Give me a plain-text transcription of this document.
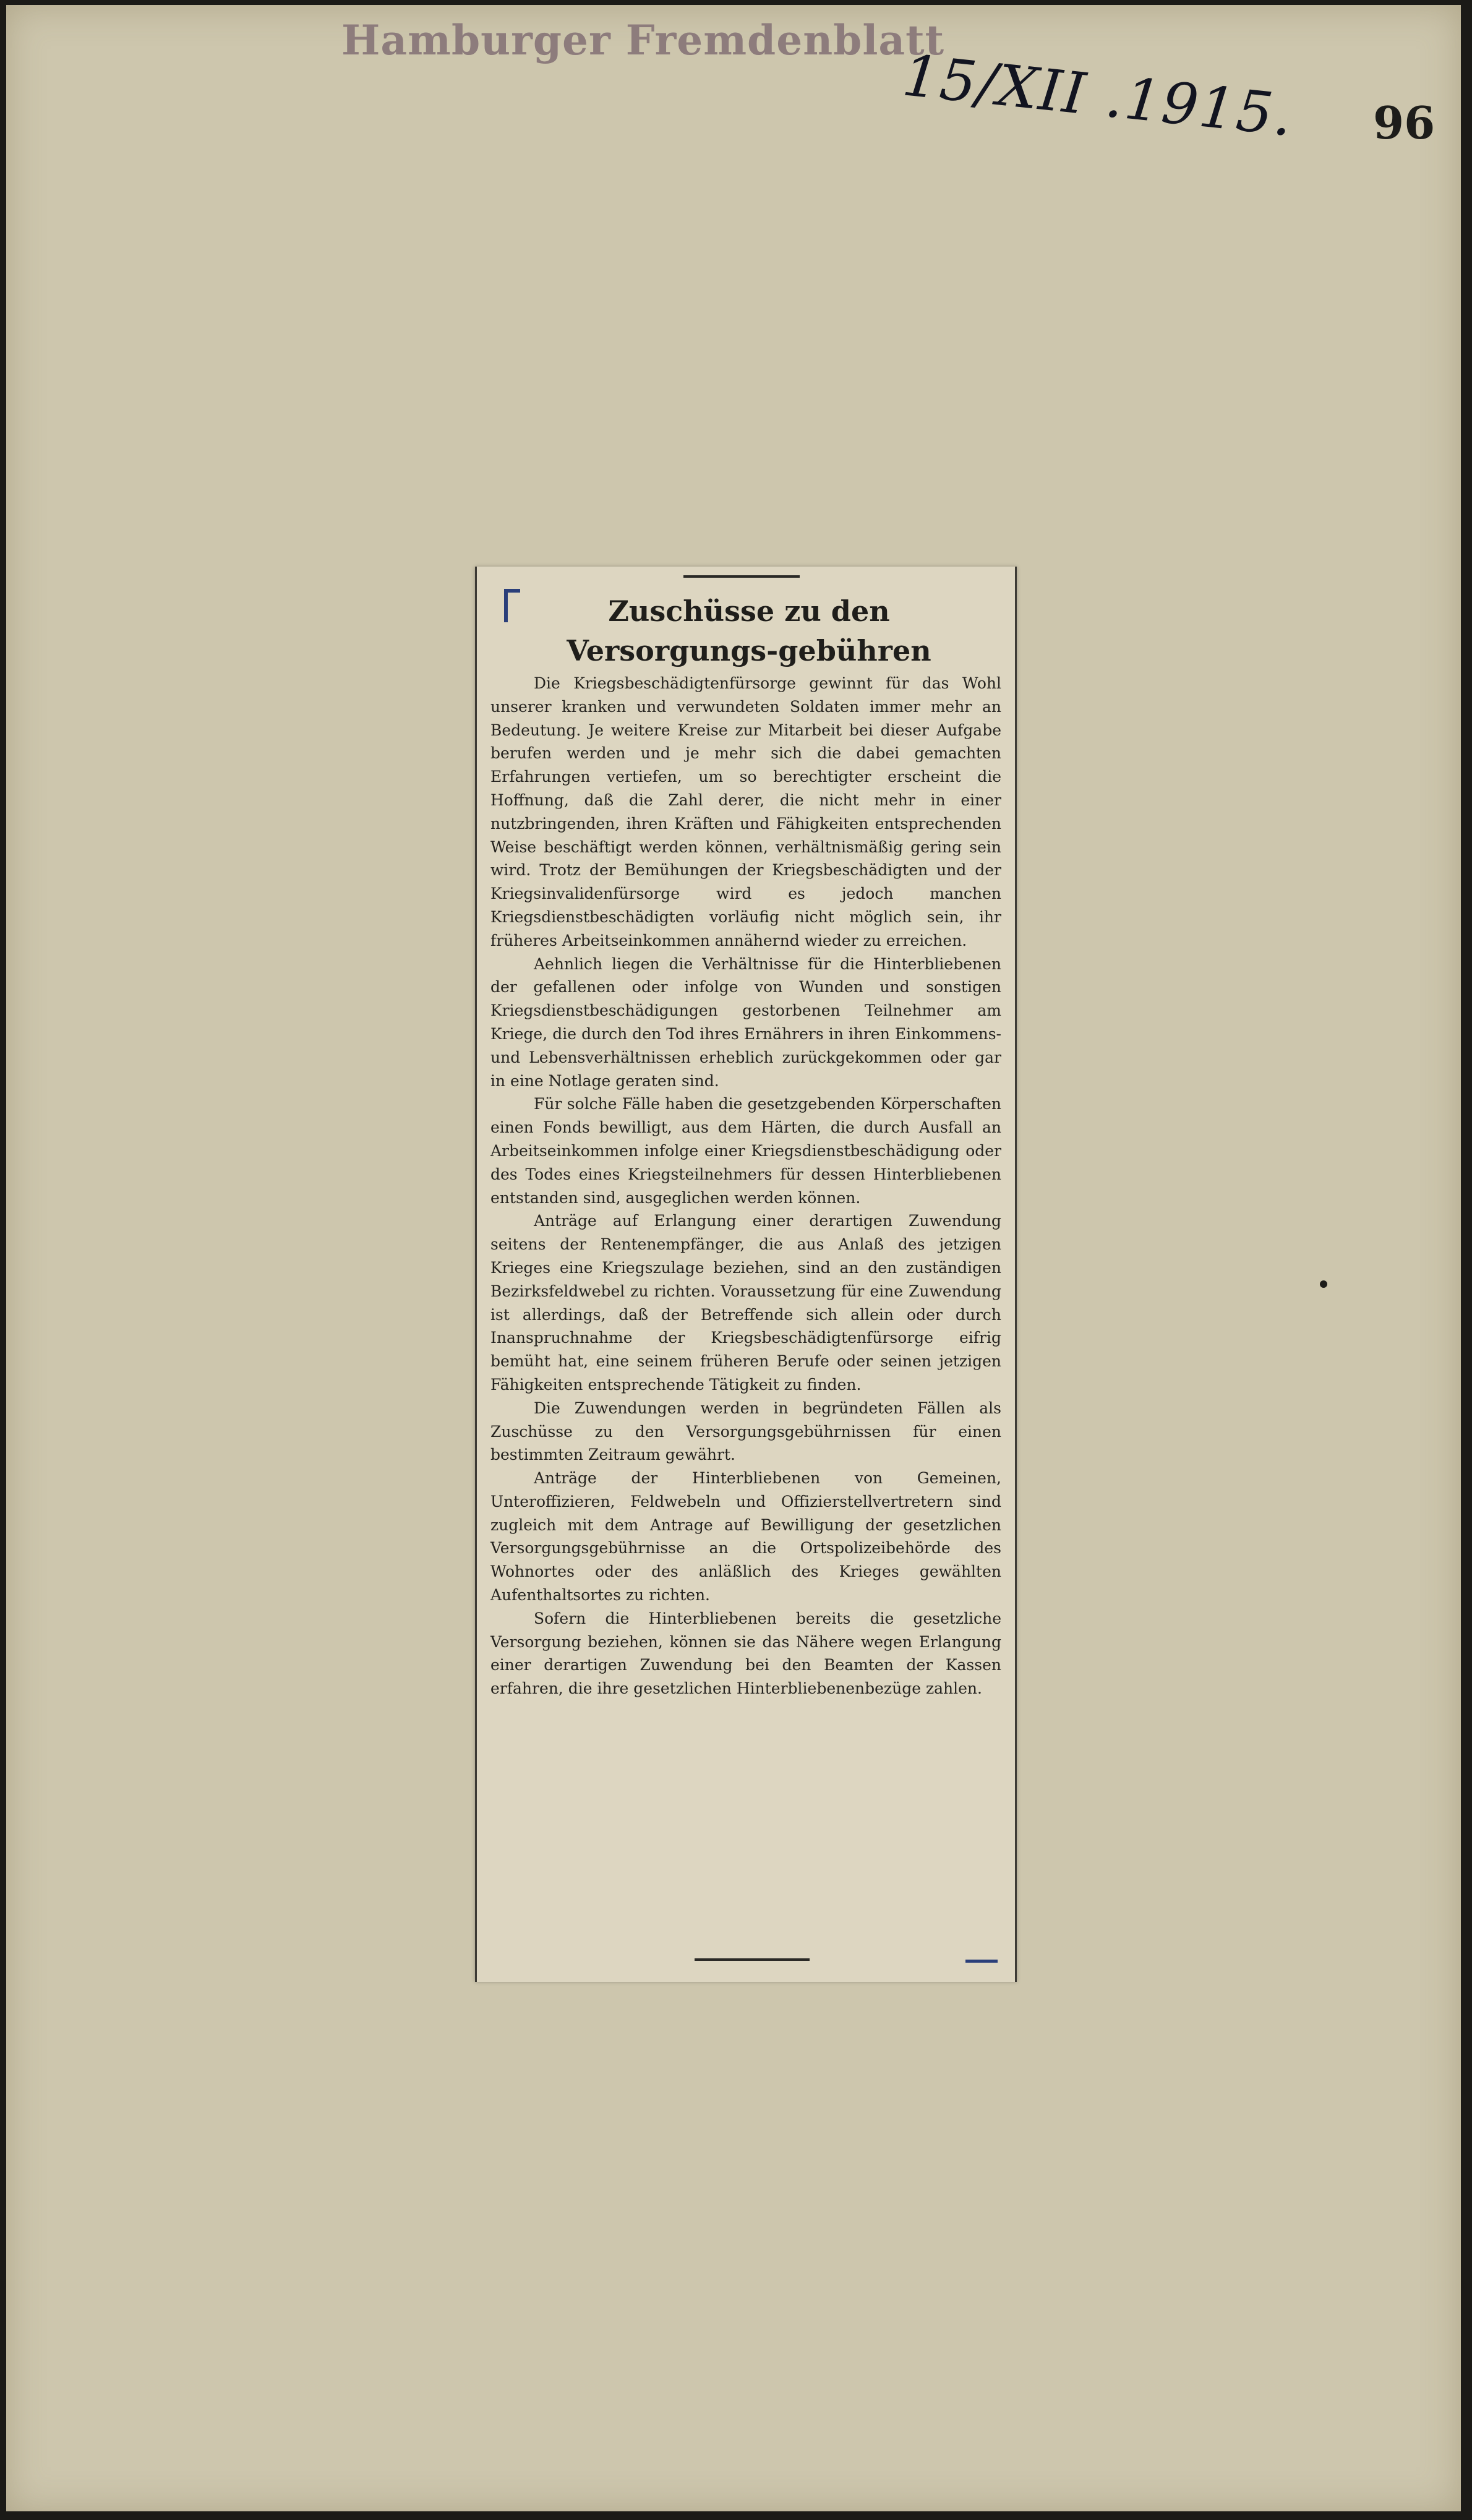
Hamburger Fremdenblatt
15/XII .1915. 96
Zuschüsse zu den Versorgungs-gebühren

Die Kriegsbeschädigtenfürsorge gewinnt für das Wohl unserer kranken und verwundeten Soldaten immer mehr an Bedeutung. Je weitere Kreise zur Mitarbeit bei dieser Aufgabe berufen werden und je mehr sich die dabei gemachten Erfahrungen vertiefen, um so berechtigter erscheint die Hoffnung, daß die Zahl derer, die nicht mehr in einer nutzbringenden, ihren Kräften und Fähigkeiten entsprechenden Weise beschäftigt werden können, verhältnismäßig gering sein wird. Trotz der Bemühungen der Kriegsbeschädigten und der Kriegsinvalidenfürsorge wird es jedoch manchen Kriegsdienstbeschädigten vorläufig nicht möglich sein, ihr früheres Arbeitseinkommen annähernd wieder zu erreichen.

Aehnlich liegen die Verhältnisse für die Hinterbliebenen der gefallenen oder infolge von Wunden und sonstigen Kriegsdienstbeschädigungen gestorbenen Teilnehmer am Kriege, die durch den Tod ihres Ernährers in ihren Einkommens- und Lebensverhältnissen erheblich zurückgekommen oder gar in eine Notlage geraten sind.

Für solche Fälle haben die gesetzgebenden Körperschaften einen Fonds bewilligt, aus dem Härten, die durch Ausfall an Arbeitseinkommen infolge einer Kriegsdienstbeschädigung oder des Todes eines Kriegsteilnehmers für dessen Hinterbliebenen entstanden sind, ausgeglichen werden können.

Anträge auf Erlangung einer derartigen Zuwendung seitens der Rentenempfänger, die aus Anlaß des jetzigen Krieges eine Kriegszulage beziehen, sind an den zuständigen Bezirksfeldwebel zu richten. Voraussetzung für eine Zuwendung ist allerdings, daß der Betreffende sich allein oder durch Inanspruchnahme der Kriegsbeschädigtenfürsorge eifrig bemüht hat, eine seinem früheren Berufe oder seinen jetzigen Fähigkeiten entsprechende Tätigkeit zu finden.

Die Zuwendungen werden in begründeten Fällen als Zuschüsse zu den Versorgungsgebührnissen für einen bestimmten Zeitraum gewährt.

Anträge der Hinterbliebenen von Gemeinen, Unteroffizieren, Feldwebeln und Offizierstellvertretern sind zugleich mit dem Antrage auf Bewilligung der gesetzlichen Versorgungsgebührnisse an die Ortspolizeibehörde des Wohnortes oder des anläßlich des Krieges gewählten Aufenthaltsortes zu richten.

Sofern die Hinterbliebenen bereits die gesetzliche Versorgung beziehen, können sie das Nähere wegen Erlangung einer derartigen Zuwendung bei den Beamten der Kassen erfahren, die ihre gesetzlichen Hinterbliebenenbezüge zahlen.
